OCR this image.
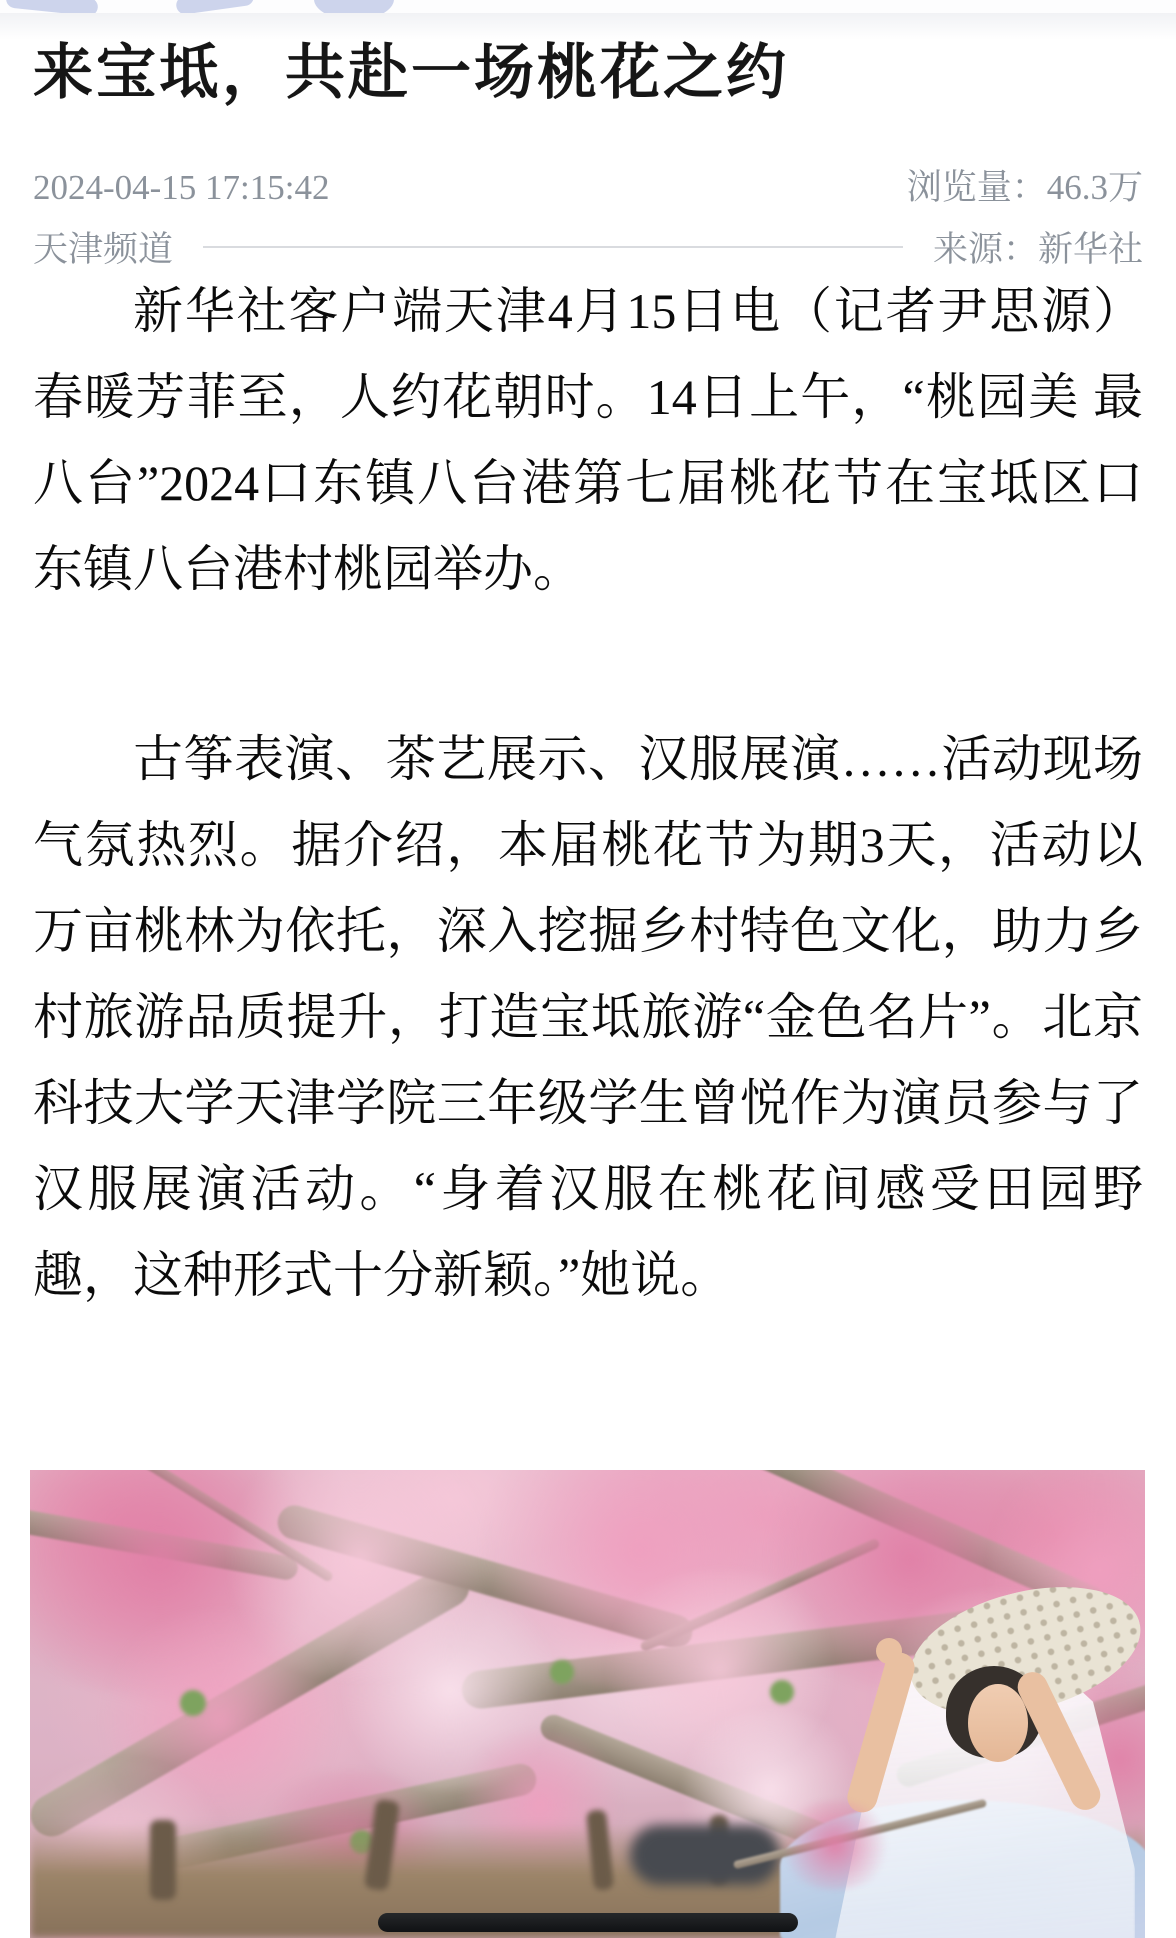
来宝坻，共赴一场桃花之约
2024-04-15 17:15:42	浏览量：46.3万
天津频道	来源：新华社

新华社客户端天津4月15日电（记者尹思源）春暖芳菲至，人约花朝时。14日上午，“桃园美 最八台”2024口东镇八台港第七届桃花节在宝坻区口东镇八台港村桃园举办。

古筝表演、茶艺展示、汉服展演……活动现场气氛热烈。据介绍，本届桃花节为期3天，活动以万亩桃林为依托，深入挖掘乡村特色文化，助力乡村旅游品质提升，打造宝坻旅游“金色名片”。北京科技大学天津学院三年级学生曾悦作为演员参与了汉服展演活动。“身着汉服在桃花间感受田园野趣，这种形式十分新颖。”她说。
